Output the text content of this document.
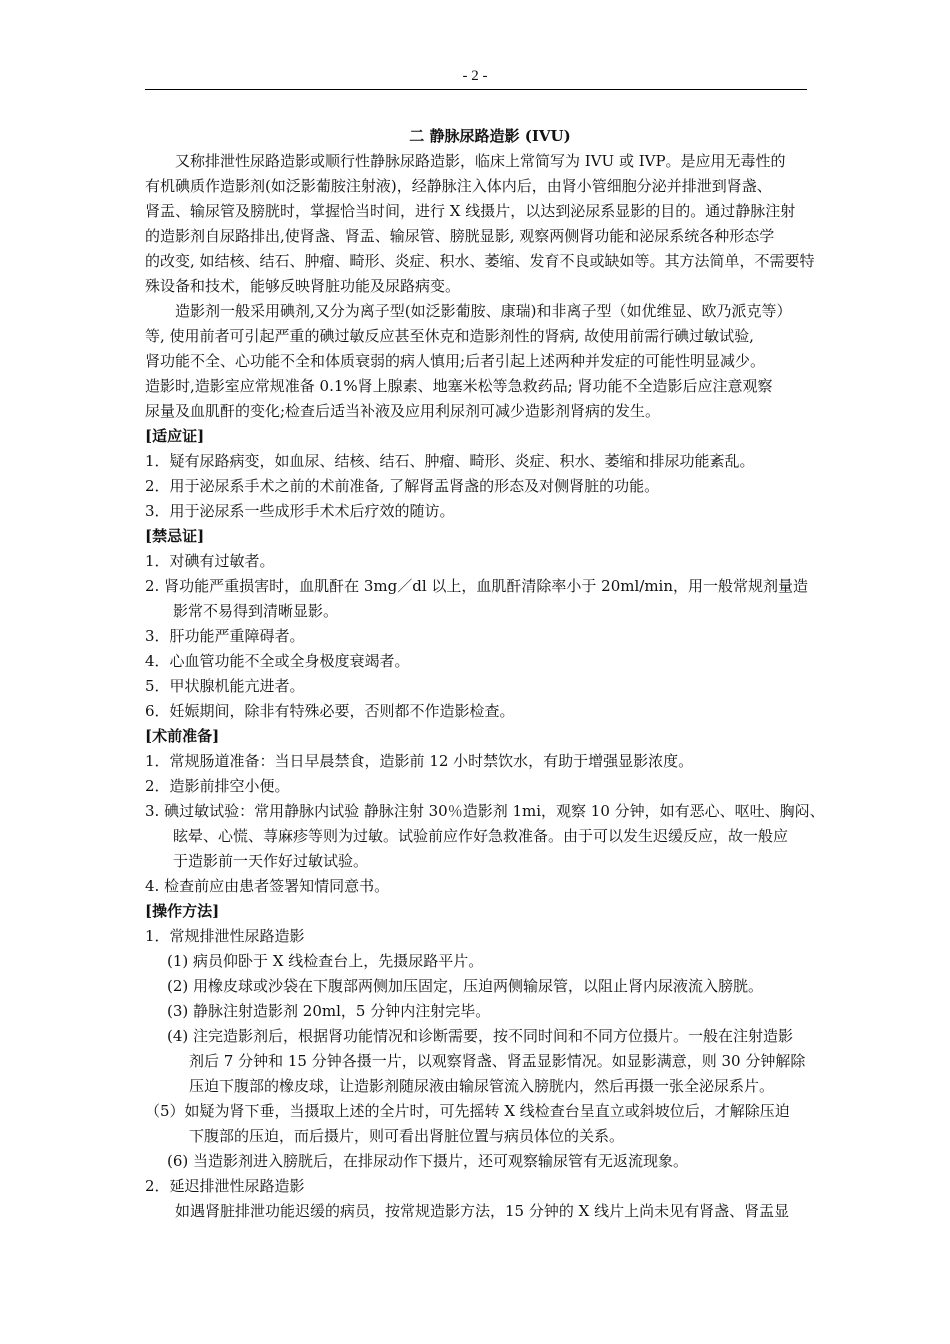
- 2 -
二 静脉尿路造影 (IVU)
又称排泄性尿路造影或顺行性静脉尿路造影，临床上常简写为 IVU 或 IVP。是应用无毒性的
有机碘质作造影剂(如泛影葡胺注射液)，经静脉注入体内后，由肾小管细胞分泌并排泄到肾盏、
肾盂、输尿管及膀胱时，掌握恰当时间，进行 X 线摄片，以达到泌尿系显影的目的。通过静脉注射
的造影剂自尿路排出,使肾盏、肾盂、输尿管、膀胱显影, 观察两侧肾功能和泌尿系统各种形态学
的改变, 如结核、结石、肿瘤、畸形、炎症、积水、萎缩、发育不良或缺如等。其方法简单，不需要特
殊设备和技术，能够反映肾脏功能及尿路病变。
造影剂一般采用碘剂,又分为离子型(如泛影葡胺、康瑞)和非离子型（如优维显、欧乃派克等）
等, 使用前者可引起严重的碘过敏反应甚至休克和造影剂性的肾病, 故使用前需行碘过敏试验,
肾功能不全、心功能不全和体质衰弱的病人慎用;后者引起上述两种并发症的可能性明显减少。
造影时,造影室应常规准备 0.1%肾上腺素、地塞米松等急救药品; 肾功能不全造影后应注意观察
尿量及血肌酐的变化;检查后适当补液及应用利尿剂可减少造影剂肾病的发生。
[适应证]
1．疑有尿路病变，如血尿、结核、结石、肿瘤、畸形、炎症、积水、萎缩和排尿功能紊乱。
2．用于泌尿系手术之前的术前准备, 了解肾盂肾盏的形态及对侧肾脏的功能。
3．用于泌尿系一些成形手术术后疗效的随访。
[禁忌证]
1．对碘有过敏者。
2. 肾功能严重损害时，血肌酐在 3mg／dl 以上，血肌酐清除率小于 20ml/min，用一般常规剂量造
影常不易得到清晰显影。
3．肝功能严重障碍者。
4．心血管功能不全或全身极度衰竭者。
5．甲状腺机能亢进者。
6．妊娠期间，除非有特殊必要，否则都不作造影检查。
[术前准备]
1．常规肠道准备：当日早晨禁食，造影前 12 小时禁饮水，有助于增强显影浓度。
2．造影前排空小便。
3. 碘过敏试验：常用静脉内试验 静脉注射 30％造影剂 1mi，观察 10 分钟，如有恶心、呕吐、胸闷、
眩晕、心慌、荨麻疹等则为过敏。试验前应作好急救准备。由于可以发生迟缓反应，故一般应
于造影前一天作好过敏试验。
4. 检查前应由患者签署知情同意书。
[操作方法]
1．常规排泄性尿路造影
(1) 病员仰卧于 X 线检查台上，先摄尿路平片。
(2) 用橡皮球或沙袋在下腹部两侧加压固定，压迫两侧输尿管，以阻止肾内尿液流入膀胱。
(3) 静脉注射造影剂 20ml，5 分钟内注射完毕。
(4) 注完造影剂后，根据肾功能情况和诊断需要，按不同时间和不同方位摄片。一般在注射造影
剂后 7 分钟和 15 分钟各摄一片，以观察肾盏、肾盂显影情况。如显影满意，则 30 分钟解除
压迫下腹部的橡皮球，让造影剂随尿液由输尿管流入膀胱内，然后再摄一张全泌尿系片。
（5）如疑为肾下垂，当摄取上述的全片时，可先摇转 X 线检查台呈直立或斜坡位后，才解除压迫
下腹部的压迫，而后摄片，则可看出肾脏位置与病员体位的关系。
(6) 当造影剂进入膀胱后，在排尿动作下摄片，还可观察输尿管有无返流现象。
2．延迟排泄性尿路造影
如遇肾脏排泄功能迟缓的病员，按常规造影方法，15 分钟的 X 线片上尚未见有肾盏、肾盂显
